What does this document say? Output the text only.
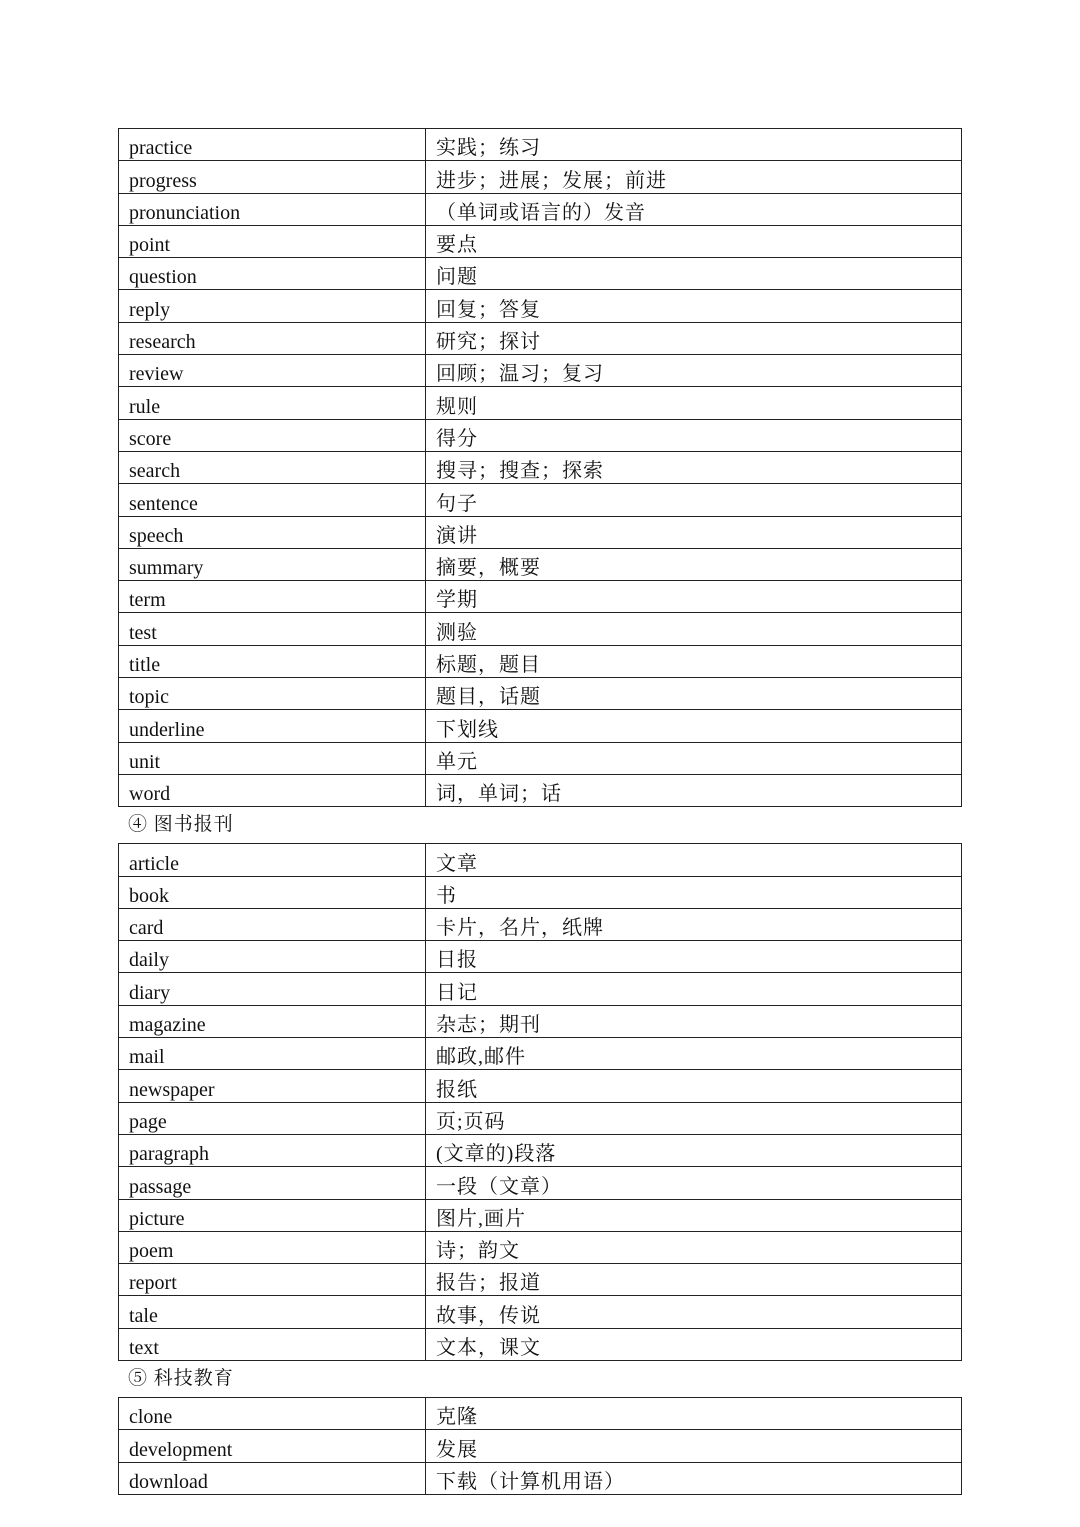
practice	实践；练习
progress	进步；进展；发展；前进
pronunciation	（单词或语言的）发音
point	要点
question	问题
reply	回复；答复
research	研究；探讨
review	回顾；温习；复习
rule	规则
score	得分
search	搜寻；搜查；探索
sentence	句子
speech	演讲
summary	摘要，概要
term	学期
test	测验
title	标题，题目
topic	题目，话题
underline	下划线
unit	单元
word	词，单词；话
④ 图书报刊
article	文章
book	书
card	卡片，名片，纸牌
daily	日报
diary	日记
magazine	杂志；期刊
mail	邮政,邮件
newspaper	报纸
page	页;页码
paragraph	(文章的)段落
passage	一段（文章）
picture	图片,画片
poem	诗；韵文
report	报告；报道
tale	故事，传说
text	文本，课文
⑤ 科技教育
clone	克隆
development	发展
download	下载（计算机用语）
